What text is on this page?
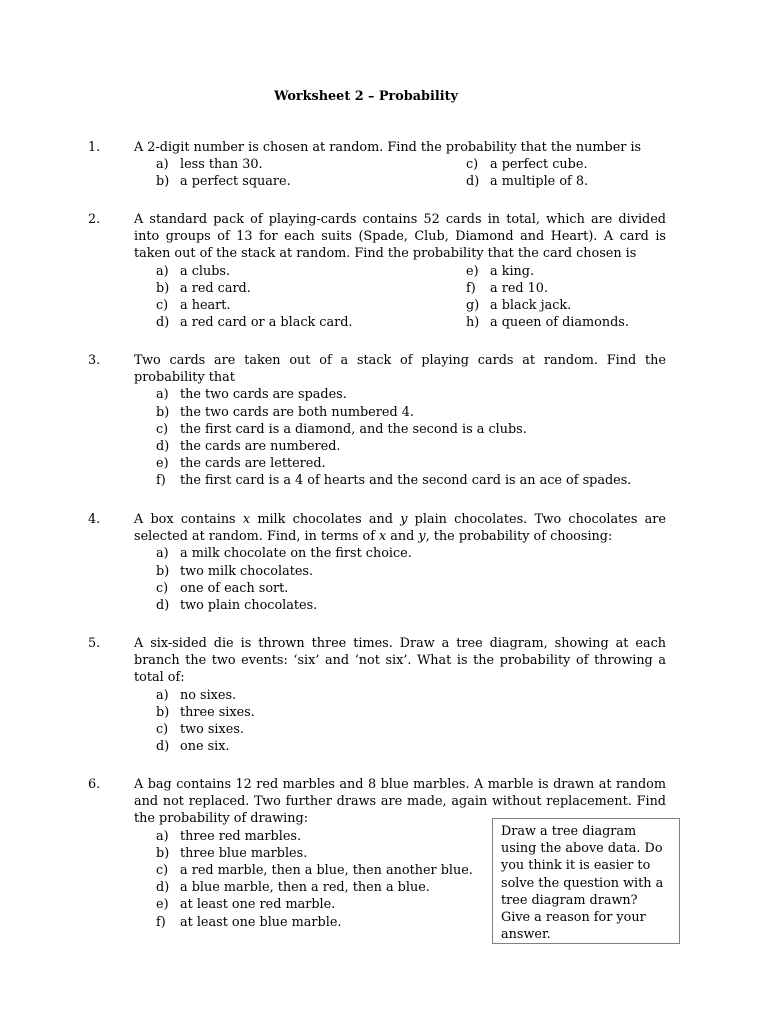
Worksheet 2 – Probability
1.	A 2-digit number is chosen at random. Find the probability that the number is
a) less than 30.	c) a perfect cube.
b) a perfect square.	d) a multiple of 8.
2.	A standard pack of playing-cards contains 52 cards in total, which are divided into groups of 13 for each suits (Spade, Club, Diamond and Heart). A card is taken out of the stack at random. Find the probability that the card chosen is
a) a clubs.	e) a king.
b) a red card.	f)	a red 10.
c) a heart.	g) a black jack.
d) a red card or a black card.	h) a queen of diamonds.
3.	Two cards are taken out of a stack of playing cards at random. Find the probability that
a) the two cards are spades.
b) the two cards are both numbered 4.
c) the first card is a diamond, and the second is a clubs.
d) the cards are numbered.
e) the cards are lettered.
f)	the first card is a 4 of hearts and the second card is an ace of spades.
4.	A box contains x milk chocolates and y plain chocolates. Two chocolates are selected at random. Find, in terms of x and y, the probability of choosing:
a) a milk chocolate on the first choice.
b) two milk chocolates.
c) one of each sort.
d) two plain chocolates.
5.	A six-sided die is thrown three times. Draw a tree diagram, showing at each branch the two events: ‘six’ and ‘not six’. What is the probability of throwing a total of:
a) no sixes.
b) three sixes.
c) two sixes.
d) one six.
6.	A bag contains 12 red marbles and 8 blue marbles. A marble is drawn at random and not replaced. Two further draws are made, again without replacement. Find the probability of drawing:
a) three red marbles.
b) three blue marbles.
c) a red marble, then a blue, then another blue.
d) a blue marble, then a red, then a blue.
e) at least one red marble.
f)	at least one blue marble.
Draw a tree diagram
using the above data. Do
you think it is easier to
solve the question with a
tree diagram drawn?
Give a reason for your
answer.
